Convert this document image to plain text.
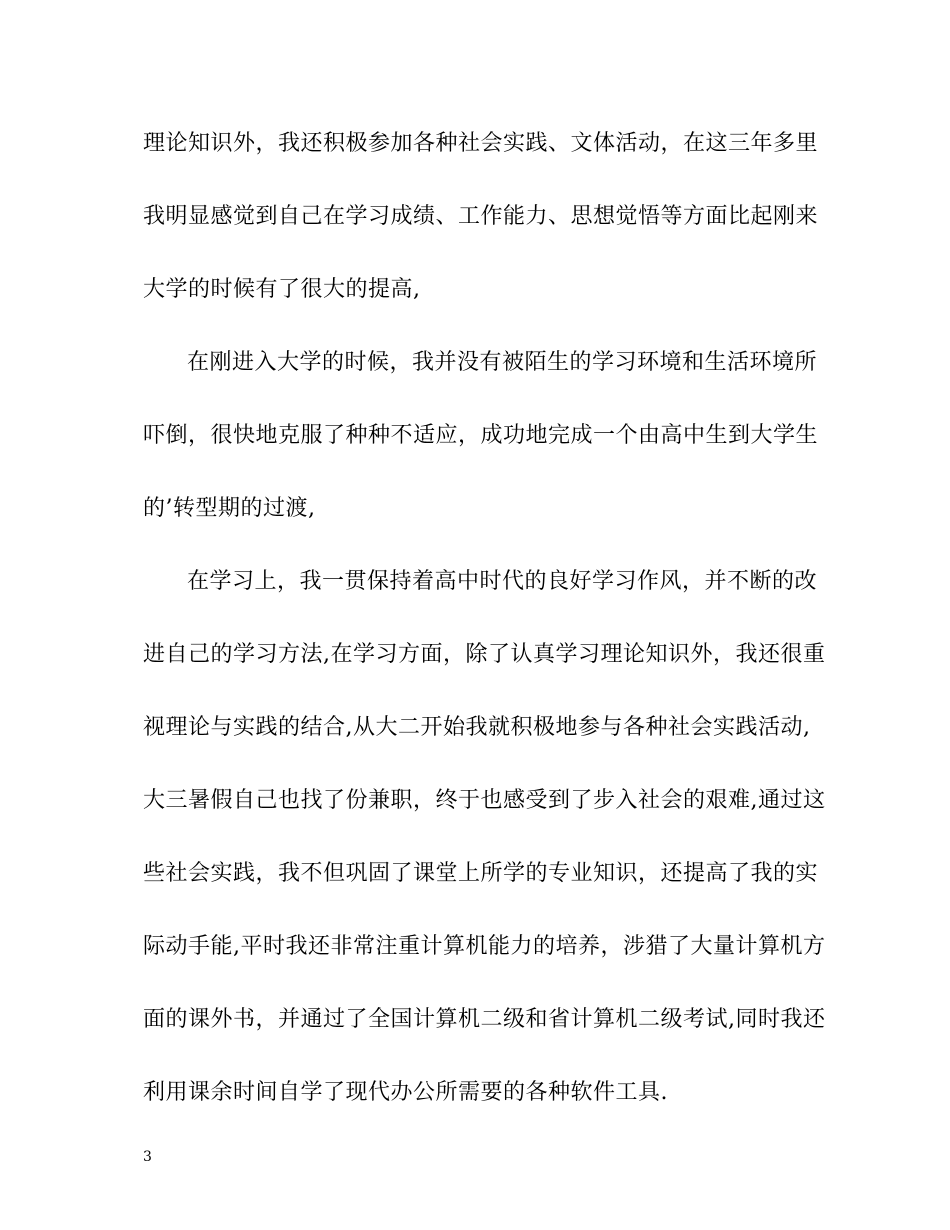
理论知识外，我还积极参加各种社会实践、文体活动，在这三年多里
我明显感觉到自己在学习成绩、工作能力、思想觉悟等方面比起刚来
大学的时候有了很大的提高,
在刚进入大学的时候，我并没有被陌生的学习环境和生活环境所
吓倒，很快地克服了种种不适应，成功地完成一个由高中生到大学生
的’转型期的过渡,
在学习上，我一贯保持着高中时代的良好学习作风，并不断的改
进自己的学习方法,在学习方面，除了认真学习理论知识外，我还很重
视理论与实践的结合,从大二开始我就积极地参与各种社会实践活动,
大三暑假自己也找了份兼职，终于也感受到了步入社会的艰难,通过这
些社会实践，我不但巩固了课堂上所学的专业知识，还提高了我的实
际动手能,平时我还非常注重计算机能力的培养，涉猎了大量计算机方
面的课外书，并通过了全国计算机二级和省计算机二级考试,同时我还
利用课余时间自学了现代办公所需要的各种软件工具.
3
